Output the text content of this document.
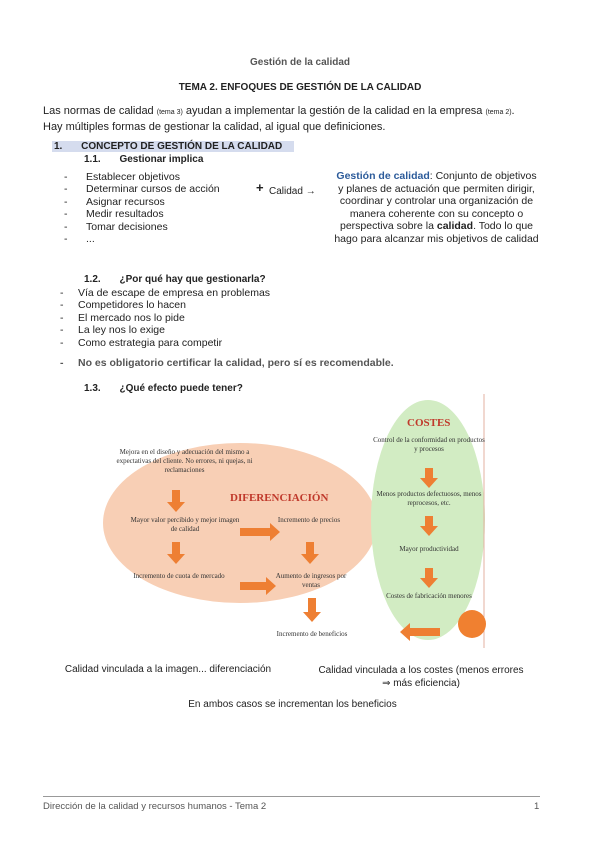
Gestión de la calidad
TEMA 2. ENFOQUES DE GESTIÓN DE LA CALIDAD
Las normas de calidad (tema 3) ayudan a implementar la gestión de la calidad en la empresa (tema 2).
Hay múltiples formas de gestionar la calidad, al igual que definiciones.
1. CONCEPTO DE GESTIÓN DE LA CALIDAD
1.1. Gestionar implica
- Establecer objetivos
- Determinar cursos de acción
- Asignar recursos
- Medir resultados
- Tomar decisiones
- ...
+ Calidad →
Gestión de calidad: Conjunto de objetivos y planes de actuación que permiten dirigir, coordinar y controlar una organización de manera coherente con su concepto o perspectiva sobre la calidad. Todo lo que hago para alcanzar mis objetivos de calidad
1.2. ¿Por qué hay que gestionarla?
- Vía de escape de empresa en problemas
- Competidores lo hacen
- El mercado nos lo pide
- La ley nos lo exige
- Como estrategia para competir
- No es obligatorio certificar la calidad, pero sí es recomendable.
1.3. ¿Qué efecto puede tener?
DIFERENCIACIÓN
Mejora en el diseño y adecuación del mismo a expectativas del cliente. No errores, ni quejas, ni reclamaciones
Mayor valor percibido y mejor imagen de calidad
Incremento de precios
Incremento de cuota de mercado	Aumento de ingresos por ventas
Incremento de beneficios
COSTES
Control de la conformidad en productos y procesos
Menos productos defectuosos, menos reprocesos, etc.
Mayor productividad
Costes de fabricación menores
Calidad vinculada a la imagen... diferenciación	Calidad vinculada a los costes (menos errores
⇒ más eficiencia)
En ambos casos se incrementan los beneficios
Dirección de la calidad y recursos humanos - Tema 2	1
